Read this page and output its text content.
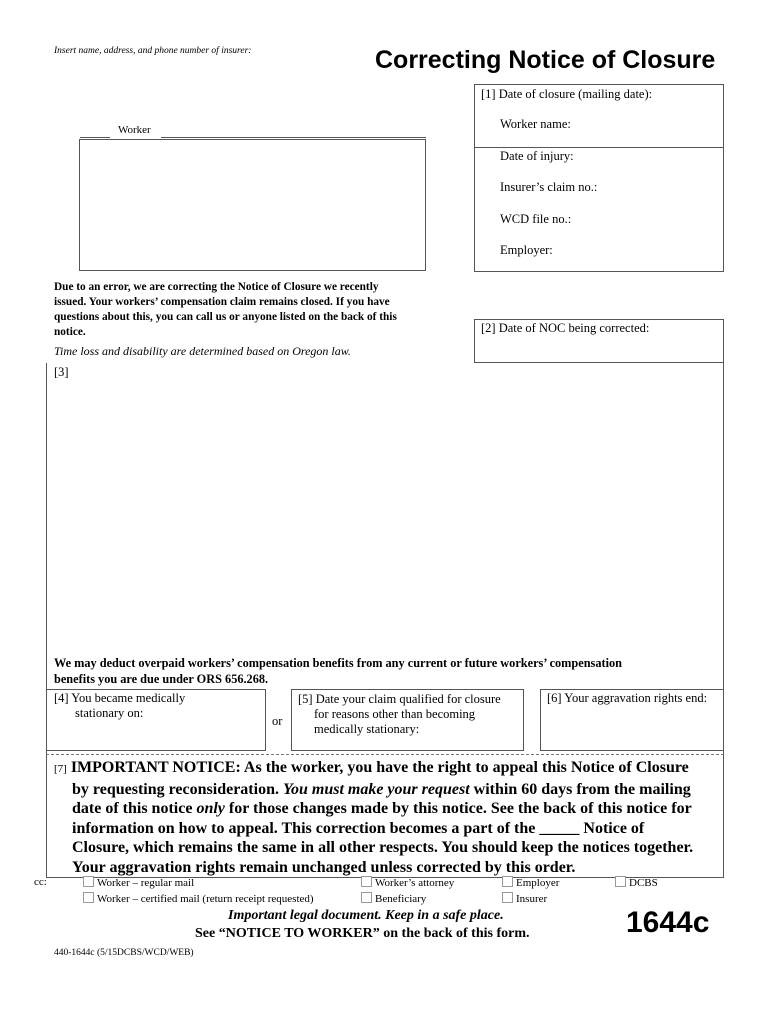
Insert name, address, and phone number of insurer:	Correcting Notice of Closure
Worker
[1] Date of closure (mailing date):
Worker name:
Date of injury:
Insurer’s claim no.:
WCD file no.:
Employer:
Due to an error, we are correcting the Notice of Closure we recently
issued. Your workers’ compensation claim remains closed. If you have
questions about this, you can call us or anyone listed on the back of this
notice.
Time loss and disability are determined based on Oregon law.
[2] Date of NOC being corrected:
[3]
We may deduct overpaid workers’ compensation benefits from any current or future workers’ compensation
benefits you are due under ORS 656.268.
[4] You became medically
stationary on:
or
[5] Date your claim qualified for closure
for reasons other than becoming
medically stationary:
[6] Your aggravation rights end:
[7] IMPORTANT NOTICE: As the worker, you have the right to appeal this Notice of Closure
by requesting reconsideration. You must make your request within 60 days from the mailing
date of this notice only for those changes made by this notice. See the back of this notice for
information on how to appeal. This correction becomes a part of the _____ Notice of
Closure, which remains the same in all other respects. You should keep the notices together.
Your aggravation rights remain unchanged unless corrected by this order.
cc:	Worker – regular mail
Worker – certified mail (return receipt requested)
Worker’s attorney
Beneficiary
Employer
Insurer
DCBS
Important legal document. Keep in a safe place.
See “NOTICE TO WORKER” on the back of this form.	1644c
440-1644c (5/15DCBS/WCD/WEB)
